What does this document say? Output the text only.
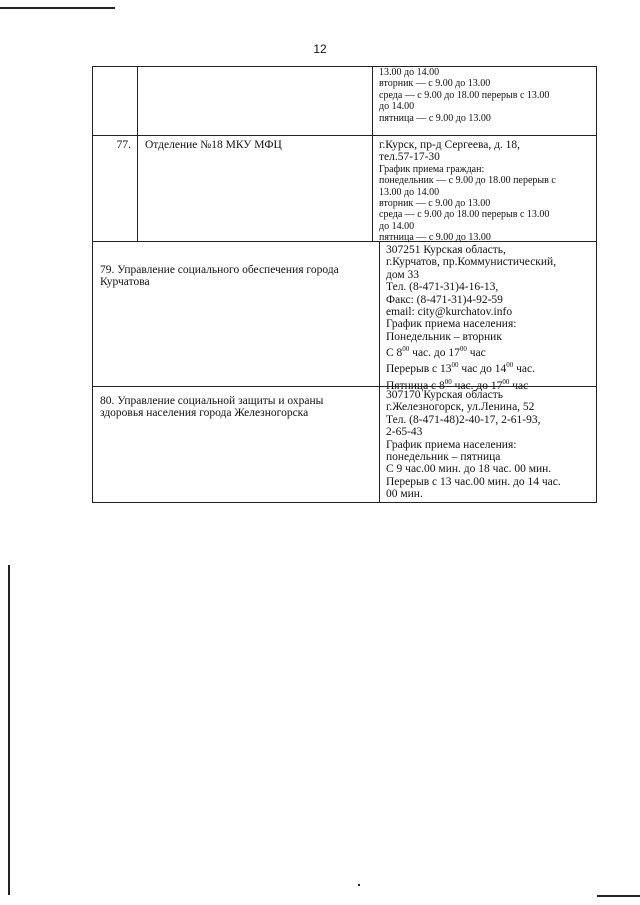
12
13.00 до 14.00
вторник — с 9.00 до 13.00
среда — с 9.00 до 18.00 перерыв с 13.00
до 14.00
пятница — с 9.00 до 13.00
77.	Отделение №18 МКУ МФЦ	г.Курск, пр-д Сергеева, д. 18,
тел.57-17-30
График приема граждан:
понедельник — с 9.00 до 18.00 перерыв с
13.00 до 14.00
вторник — с 9.00 до 13.00
среда — с 9.00 до 18.00 перерыв с 13.00
до 14.00
пятница — с 9.00 до 13.00
79. Управление социального обеспечения города
Курчатова
307251 Курская область,
г.Курчатов, пр.Коммунистический,
дом 33
Тел. (8-471-31)4-16-13,
Факс: (8-471-31)4-92-59
email: city@kurchatov.info
График приема населения:
Понедельник – вторник
С $8^{00}$ час. до $17^{00}$ час
Перерыв с $13^{00}$ час до $14^{00}$ час.
Пятница с $8^{00}$ час. до $17^{00}$ час
80. Управление социальной защиты и охраны
здоровья населения города Железногорска
307170 Курская область
г.Железногорск, ул.Ленина, 52
Тел. (8-471-48)2-40-17, 2-61-93,
2-65-43
График приема населения:
понедельник – пятница
С 9 час.00 мин. до 18 час. 00 мин.
Перерыв с 13 час.00 мин. до 14 час.
00 мин.
